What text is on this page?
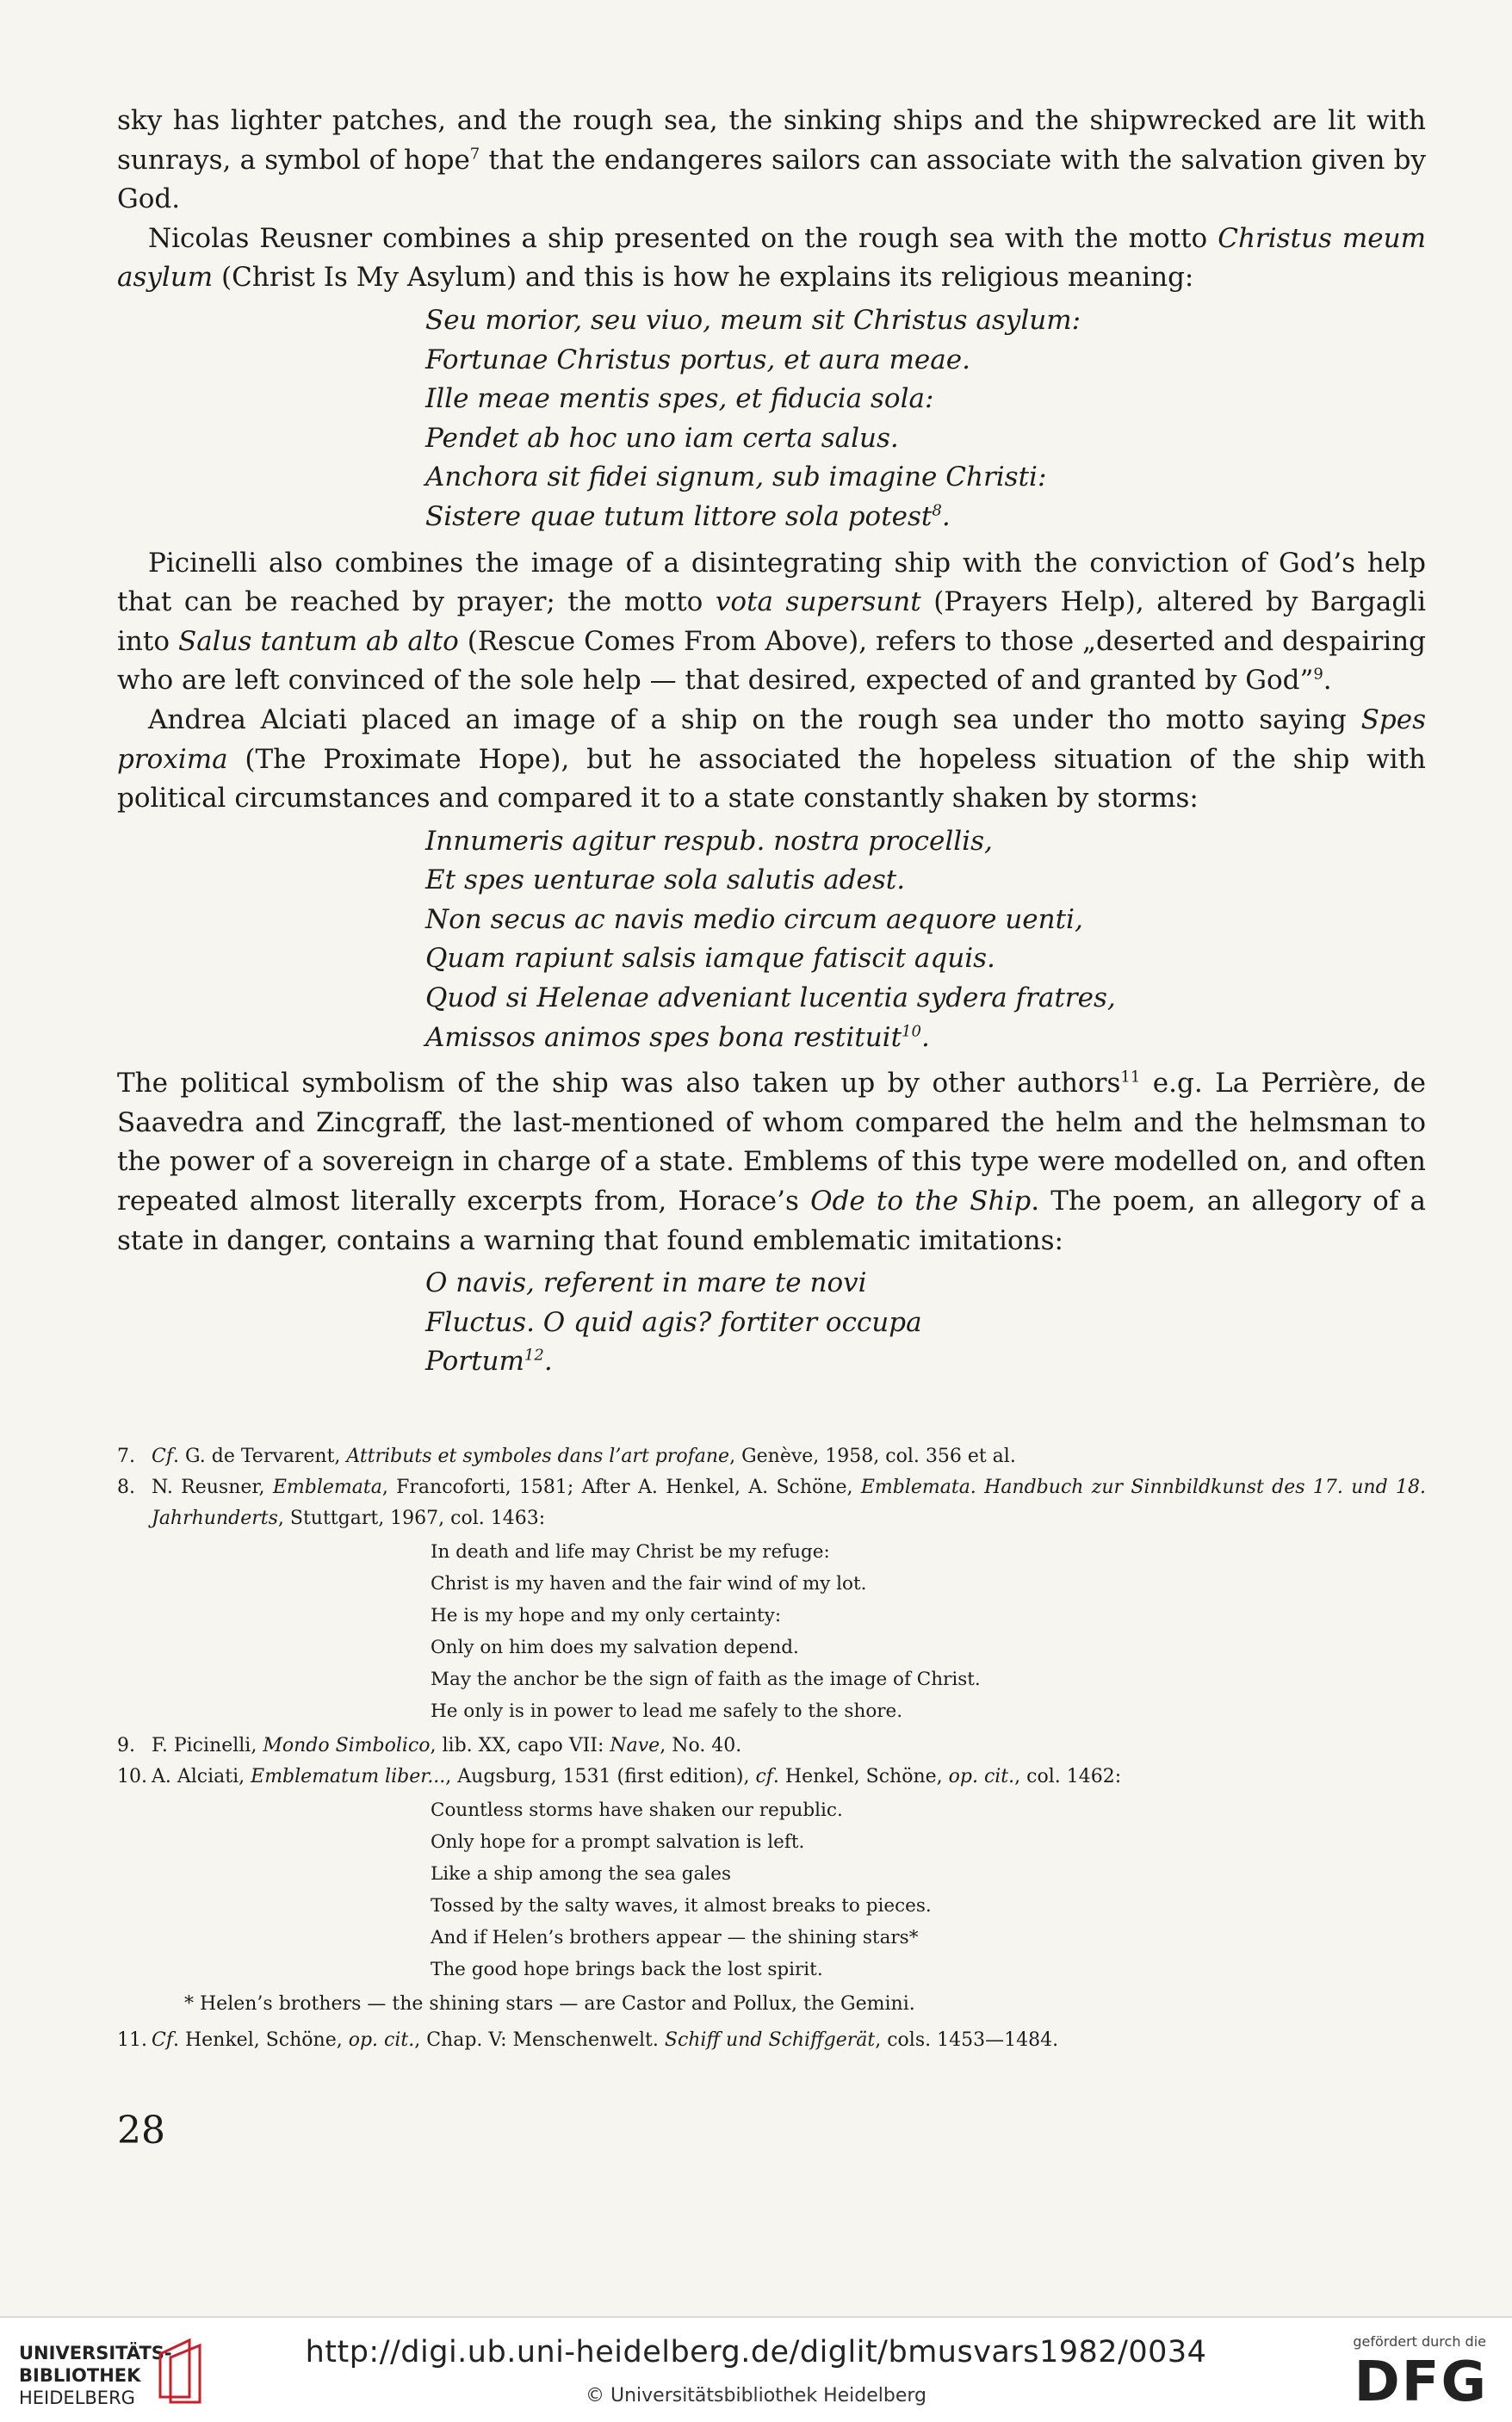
sky has lighter patches, and the rough sea, the sinking ships and the shipwrecked are lit with sunrays, a symbol of hope$^7$ that the endangeres sailors can associate with the salvation given by God.

Nicolas Reusner combines a ship presented on the rough sea with the motto Christus meum asylum (Christ Is My Asylum) and this is how he explains its religious meaning:

Seu morior, seu viuo, meum sit Christus asylum:
Fortunae Christus portus, et aura meae.
Ille meae mentis spes, et fiducia sola:
Pendet ab hoc uno iam certa salus.
Anchora sit fidei signum, sub imagine Christi:
Sistere quae tutum littore sola potest$^8$.

Picinelli also combines the image of a disintegrating ship with the conviction of God’s help that can be reached by prayer; the motto vota supersunt (Prayers Help), altered by Bargagli into Salus tantum ab alto (Rescue Comes From Above), refers to those „deserted and despairing who are left convinced of the sole help — that desired, expected of and granted by God”$^9$.

Andrea Alciati placed an image of a ship on the rough sea under tho motto saying Spes proxima (The Proximate Hope), but he associated the hopeless situation of the ship with political circumstances and compared it to a state constantly shaken by storms:

Innumeris agitur respub. nostra procellis,
Et spes uenturae sola salutis adest.
Non secus ac navis medio circum aequore uenti,
Quam rapiunt salsis iamque fatiscit aquis.
Quod si Helenae adveniant lucentia sydera fratres,
Amissos animos spes bona restituit$^{10}$.

The political symbolism of the ship was also taken up by other authors$^{11}$ e.g. La Perrière, de Saavedra and Zincgraff, the last-mentioned of whom compared the helm and the helmsman to the power of a sovereign in charge of a state. Emblems of this type were modelled on, and often repeated almost literally excerpts from, Horace’s Ode to the Ship. The poem, an allegory of a state in danger, contains a warning that found emblematic imitations:

O navis, referent in mare te novi
Fluctus. O quid agis? fortiter occupa
Portum$^{12}$.
7. Cf. G. de Tervarent, Attributs et symboles dans l’art profane, Genève, 1958, col. 356 et al.
8. N. Reusner, Emblemata, Francoforti, 1581; After A. Henkel, A. Schöne, Emblemata. Handbuch zur Sinnbildkunst des 17. und 18. Jahrhunderts, Stuttgart, 1967, col. 1463:
In death and life may Christ be my refuge:
Christ is my haven and the fair wind of my lot.
He is my hope and my only certainty:
Only on him does my salvation depend.
May the anchor be the sign of faith as the image of Christ.
He only is in power to lead me safely to the shore.
9. F. Picinelli, Mondo Simbolico, lib. XX, capo VII: Nave, No. 40.
10. A. Alciati, Emblematum liber..., Augsburg, 1531 (first edition), cf. Henkel, Schöne, op. cit., col. 1462:
Countless storms have shaken our republic.
Only hope for a prompt salvation is left.
Like a ship among the sea gales
Tossed by the salty waves, it almost breaks to pieces.
And if Helen’s brothers appear — the shining stars*
The good hope brings back the lost spirit.
* Helen’s brothers — the shining stars — are Castor and Pollux, the Gemini.
11. Cf. Henkel, Schöne, op. cit., Chap. V: Menschenwelt. Schiff und Schiffgerät, cols. 1453—1484.
28
UNIVERSITÄTS-
BIBLIOTHEK
HEIDELBERG
http://digi.ub.uni-heidelberg.de/diglit/bmusvars1982/0034
© Universitätsbibliothek Heidelberg
gefördert durch die
DFG
